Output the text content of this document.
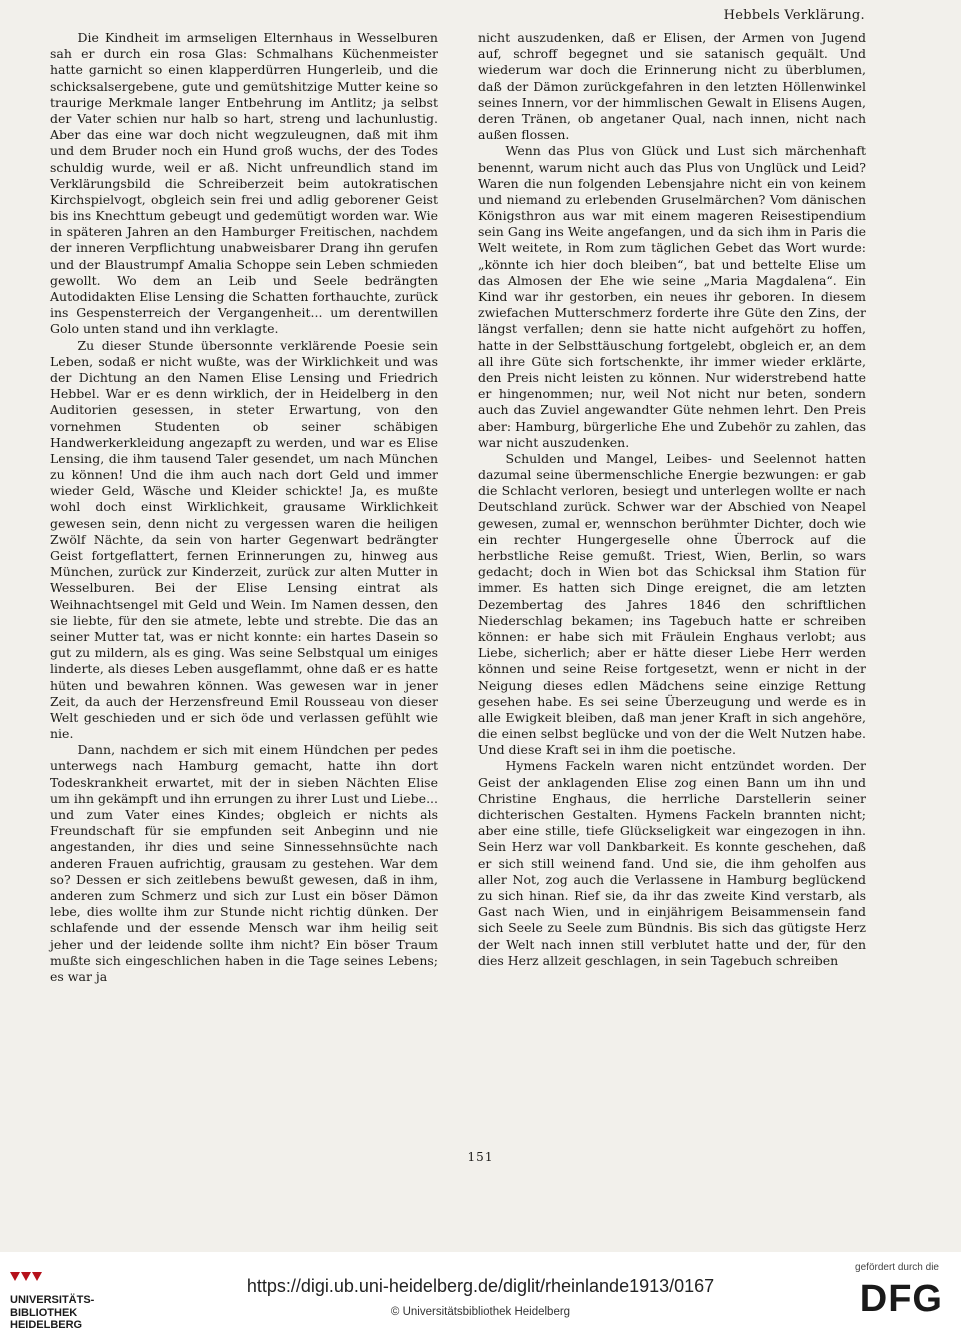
Hebbels Verklärung.

Die Kindheit im armseligen Elternhaus in Wesselburen sah er durch ein rosa Glas: Schmalhans Küchenmeister hatte garnicht so einen klapperdürren Hungerleib, und die schicksalsergebene, gute und gemütshitzige Mutter keine so traurige Merkmale langer Entbehrung im Antlitz; ja selbst der Vater schien nur halb so hart, streng und lachunlustig. Aber das eine war doch nicht wegzuleugnen, daß mit ihm und dem Bruder noch ein Hund groß wuchs, der des Todes schuldig wurde, weil er aß. Nicht unfreundlich stand im Verklärungsbild die Schreiberzeit beim autokratischen Kirchspielvogt, obgleich sein frei und adlig geborener Geist bis ins Knechttum gebeugt und gedemütigt worden war. Wie in späteren Jahren an den Hamburger Freitischen, nachdem der inneren Verpflichtung unabweisbarer Drang ihn gerufen und der Blaustrumpf Amalia Schoppe sein Leben schmieden gewollt. Wo dem an Leib und Seele bedrängten Autodidakten Elise Lensing die Schatten forthauchte, zurück ins Gespensterreich der Vergangenheit... um derentwillen Golo unten stand und ihn verklagte.

Zu dieser Stunde übersonnte verklärende Poesie sein Leben, sodaß er nicht wußte, was der Wirklichkeit und was der Dichtung an den Namen Elise Lensing und Friedrich Hebbel. War er es denn wirklich, der in Heidelberg in den Auditorien gesessen, in steter Erwartung, von den vornehmen Studenten ob seiner schäbigen Handwerkerkleidung angezapft zu werden, und war es Elise Lensing, die ihm tausend Taler gesendet, um nach München zu können! Und die ihm auch nach dort Geld und immer wieder Geld, Wäsche und Kleider schickte! Ja, es mußte wohl doch einst Wirklichkeit, grausame Wirklichkeit gewesen sein, denn nicht zu vergessen waren die heiligen Zwölf Nächte, da sein von harter Gegenwart bedrängter Geist fortgeflattert, fernen Erinnerungen zu, hinweg aus München, zurück zur Kinderzeit, zurück zur alten Mutter in Wesselburen. Bei der Elise Lensing eintrat als Weihnachtsengel mit Geld und Wein. Im Namen dessen, den sie liebte, für den sie atmete, lebte und strebte. Die das an seiner Mutter tat, was er nicht konnte: ein hartes Dasein so gut zu mildern, als es ging. Was seine Selbstqual um einiges linderte, als dieses Leben ausgeflammt, ohne daß er es hatte hüten und bewahren können. Was gewesen war in jener Zeit, da auch der Herzensfreund Emil Rousseau von dieser Welt geschieden und er sich öde und verlassen gefühlt wie nie.

Dann, nachdem er sich mit einem Hündchen per pedes unterwegs nach Hamburg gemacht, hatte ihn dort Todeskrankheit erwartet, mit der in sieben Nächten Elise um ihn gekämpft und ihn errungen zu ihrer Lust und Liebe... und zum Vater eines Kindes; obgleich er nichts als Freundschaft für sie empfunden seit Anbeginn und nie angestanden, ihr dies und seine Sinnessehnsüchte nach anderen Frauen aufrichtig, grausam zu gestehen. War dem so? Dessen er sich zeitlebens bewußt gewesen, daß in ihm, anderen zum Schmerz und sich zur Lust ein böser Dämon lebe, dies wollte ihm zur Stunde nicht richtig dünken. Der schlafende und der essende Mensch war ihm heilig seit jeher und der leidende sollte ihm nicht? Ein böser Traum mußte sich eingeschlichen haben in die Tage seines Lebens; es war ja

nicht auszudenken, daß er Elisen, der Armen von Jugend auf, schroff begegnet und sie satanisch gequält. Und wiederum war doch die Erinnerung nicht zu überblumen, daß der Dämon zurückgefahren in den letzten Höllenwinkel seines Innern, vor der himmlischen Gewalt in Elisens Augen, deren Tränen, ob angetaner Qual, nach innen, nicht nach außen flossen.

Wenn das Plus von Glück und Lust sich märchenhaft benennt, warum nicht auch das Plus von Unglück und Leid? Waren die nun folgenden Lebensjahre nicht ein von keinem und niemand zu erlebenden Gruselmärchen? Vom dänischen Königsthron aus war mit einem mageren Reisestipendium sein Gang ins Weite angefangen, und da sich ihm in Paris die Welt weitete, in Rom zum täglichen Gebet das Wort wurde: „könnte ich hier doch bleiben“, bat und bettelte Elise um das Almosen der Ehe wie seine „Maria Magdalena“. Ein Kind war ihr gestorben, ein neues ihr geboren. In diesem zwiefachen Mutterschmerz forderte ihre Güte den Zins, der längst verfallen; denn sie hatte nicht aufgehört zu hoffen, hatte in der Selbsttäuschung fortgelebt, obgleich er, an dem all ihre Güte sich fortschenkte, ihr immer wieder erklärte, den Preis nicht leisten zu können. Nur widerstrebend hatte er hingenommen; nur, weil Not nicht nur beten, sondern auch das Zuviel angewandter Güte nehmen lehrt. Den Preis aber: Hamburg, bürgerliche Ehe und Zubehör zu zahlen, das war nicht auszudenken.

Schulden und Mangel, Leibes- und Seelennot hatten dazumal seine übermenschliche Energie bezwungen: er gab die Schlacht verloren, besiegt und unterlegen wollte er nach Deutschland zurück. Schwer war der Abschied von Neapel gewesen, zumal er, wennschon berühmter Dichter, doch wie ein rechter Hungergeselle ohne Überrock auf die herbstliche Reise gemußt. Triest, Wien, Berlin, so wars gedacht; doch in Wien bot das Schicksal ihm Station für immer. Es hatten sich Dinge ereignet, die am letzten Dezembertag des Jahres 1846 den schriftlichen Niederschlag bekamen; ins Tagebuch hatte er schreiben können: er habe sich mit Fräulein Enghaus verlobt; aus Liebe, sicherlich; aber er hätte dieser Liebe Herr werden können und seine Reise fortgesetzt, wenn er nicht in der Neigung dieses edlen Mädchens seine einzige Rettung gesehen habe. Es sei seine Überzeugung und werde es in alle Ewigkeit bleiben, daß man jener Kraft in sich angehöre, die einen selbst beglücke und von der die Welt Nutzen habe. Und diese Kraft sei in ihm die poetische.

Hymens Fackeln waren nicht entzündet worden. Der Geist der anklagenden Elise zog einen Bann um ihn und Christine Enghaus, die herrliche Darstellerin seiner dichterischen Gestalten. Hymens Fackeln brannten nicht; aber eine stille, tiefe Glückseligkeit war eingezogen in ihn. Sein Herz war voll Dankbarkeit. Es konnte geschehen, daß er sich still weinend fand. Und sie, die ihm geholfen aus aller Not, zog auch die Verlassene in Hamburg beglückend zu sich hinan. Rief sie, da ihr das zweite Kind verstarb, als Gast nach Wien, und in einjährigem Beisammensein fand sich Seele zu Seele zum Bündnis. Bis sich das gütigste Herz der Welt nach innen still verblutet hatte und der, für den dies Herz allzeit geschlagen, in sein Tagebuch schreiben

151
UNIVERSITÄTS-
BIBLIOTHEK
HEIDELBERG
https://digi.ub.uni-heidelberg.de/diglit/rheinlande1913/0167
© Universitätsbibliothek Heidelberg
gefördert durch die
DFG
